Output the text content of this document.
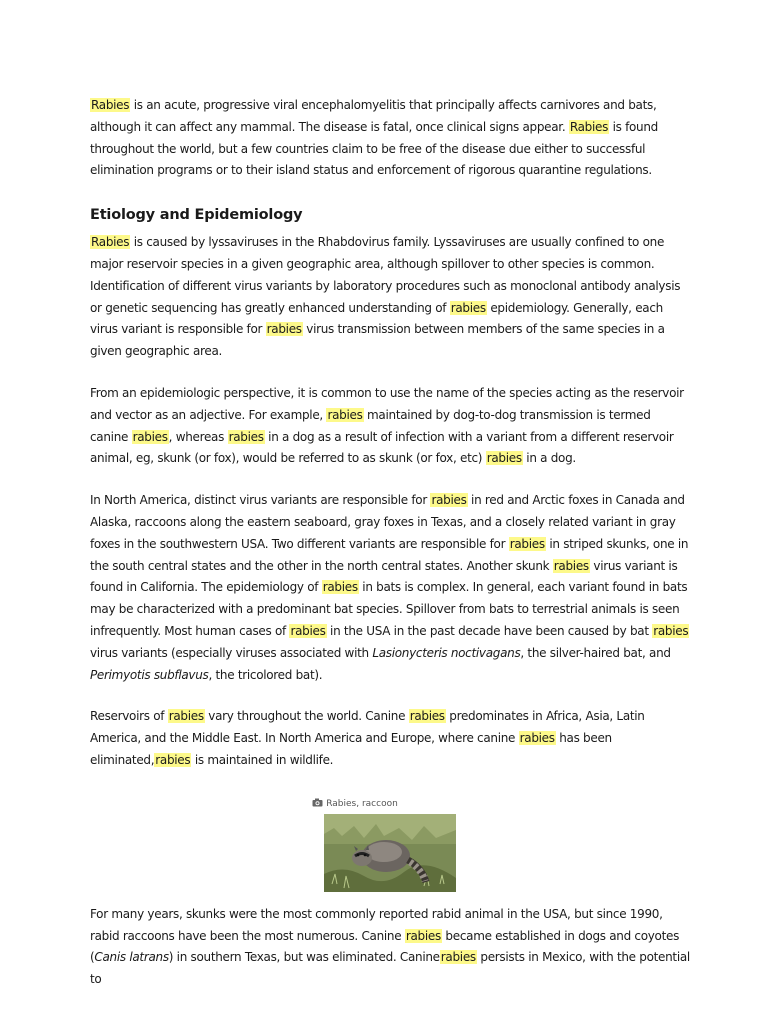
Rabies is an acute, progressive viral encephalomyelitis that principally affects carnivores and bats, although it can affect any mammal. The disease is fatal, once clinical signs appear. Rabies is found throughout the world, but a few countries claim to be free of the disease due either to successful elimination programs or to their island status and enforcement of rigorous quarantine regulations.

Etiology and Epidemiology

Rabies is caused by lyssaviruses in the Rhabdovirus family. Lyssaviruses are usually confined to one major reservoir species in a given geographic area, although spillover to other species is common. Identification of different virus variants by laboratory procedures such as monoclonal antibody analysis or genetic sequencing has greatly enhanced understanding of rabies epidemiology. Generally, each virus variant is responsible for rabies virus transmission between members of the same species in a given geographic area.

From an epidemiologic perspective, it is common to use the name of the species acting as the reservoir and vector as an adjective. For example, rabies maintained by dog-to-dog transmission is termed canine rabies, whereas rabies in a dog as a result of infection with a variant from a different reservoir animal, eg, skunk (or fox), would be referred to as skunk (or fox, etc) rabies in a dog.

In North America, distinct virus variants are responsible for rabies in red and Arctic foxes in Canada and Alaska, raccoons along the eastern seaboard, gray foxes in Texas, and a closely related variant in gray foxes in the southwestern USA. Two different variants are responsible for rabies in striped skunks, one in the south central states and the other in the north central states. Another skunk rabies virus variant is found in California. The epidemiology of rabies in bats is complex. In general, each variant found in bats may be characterized with a predominant bat species. Spillover from bats to terrestrial animals is seen infrequently. Most human cases of rabies in the USA in the past decade have been caused by bat rabies virus variants (especially viruses associated with Lasionycteris noctivagans, the silver-haired bat, and Perimyotis subflavus, the tricolored bat).

Reservoirs of rabies vary throughout the world. Canine rabies predominates in Africa, Asia, Latin America, and the Middle East. In North America and Europe, where canine rabies has been eliminated,rabies is maintained in wildlife.

Rabies, raccoon

For many years, skunks were the most commonly reported rabid animal in the USA, but since 1990, rabid raccoons have been the most numerous. Canine rabies became established in dogs and coyotes (Canis latrans) in southern Texas, but was eliminated. Caninerabies persists in Mexico, with the potential to
